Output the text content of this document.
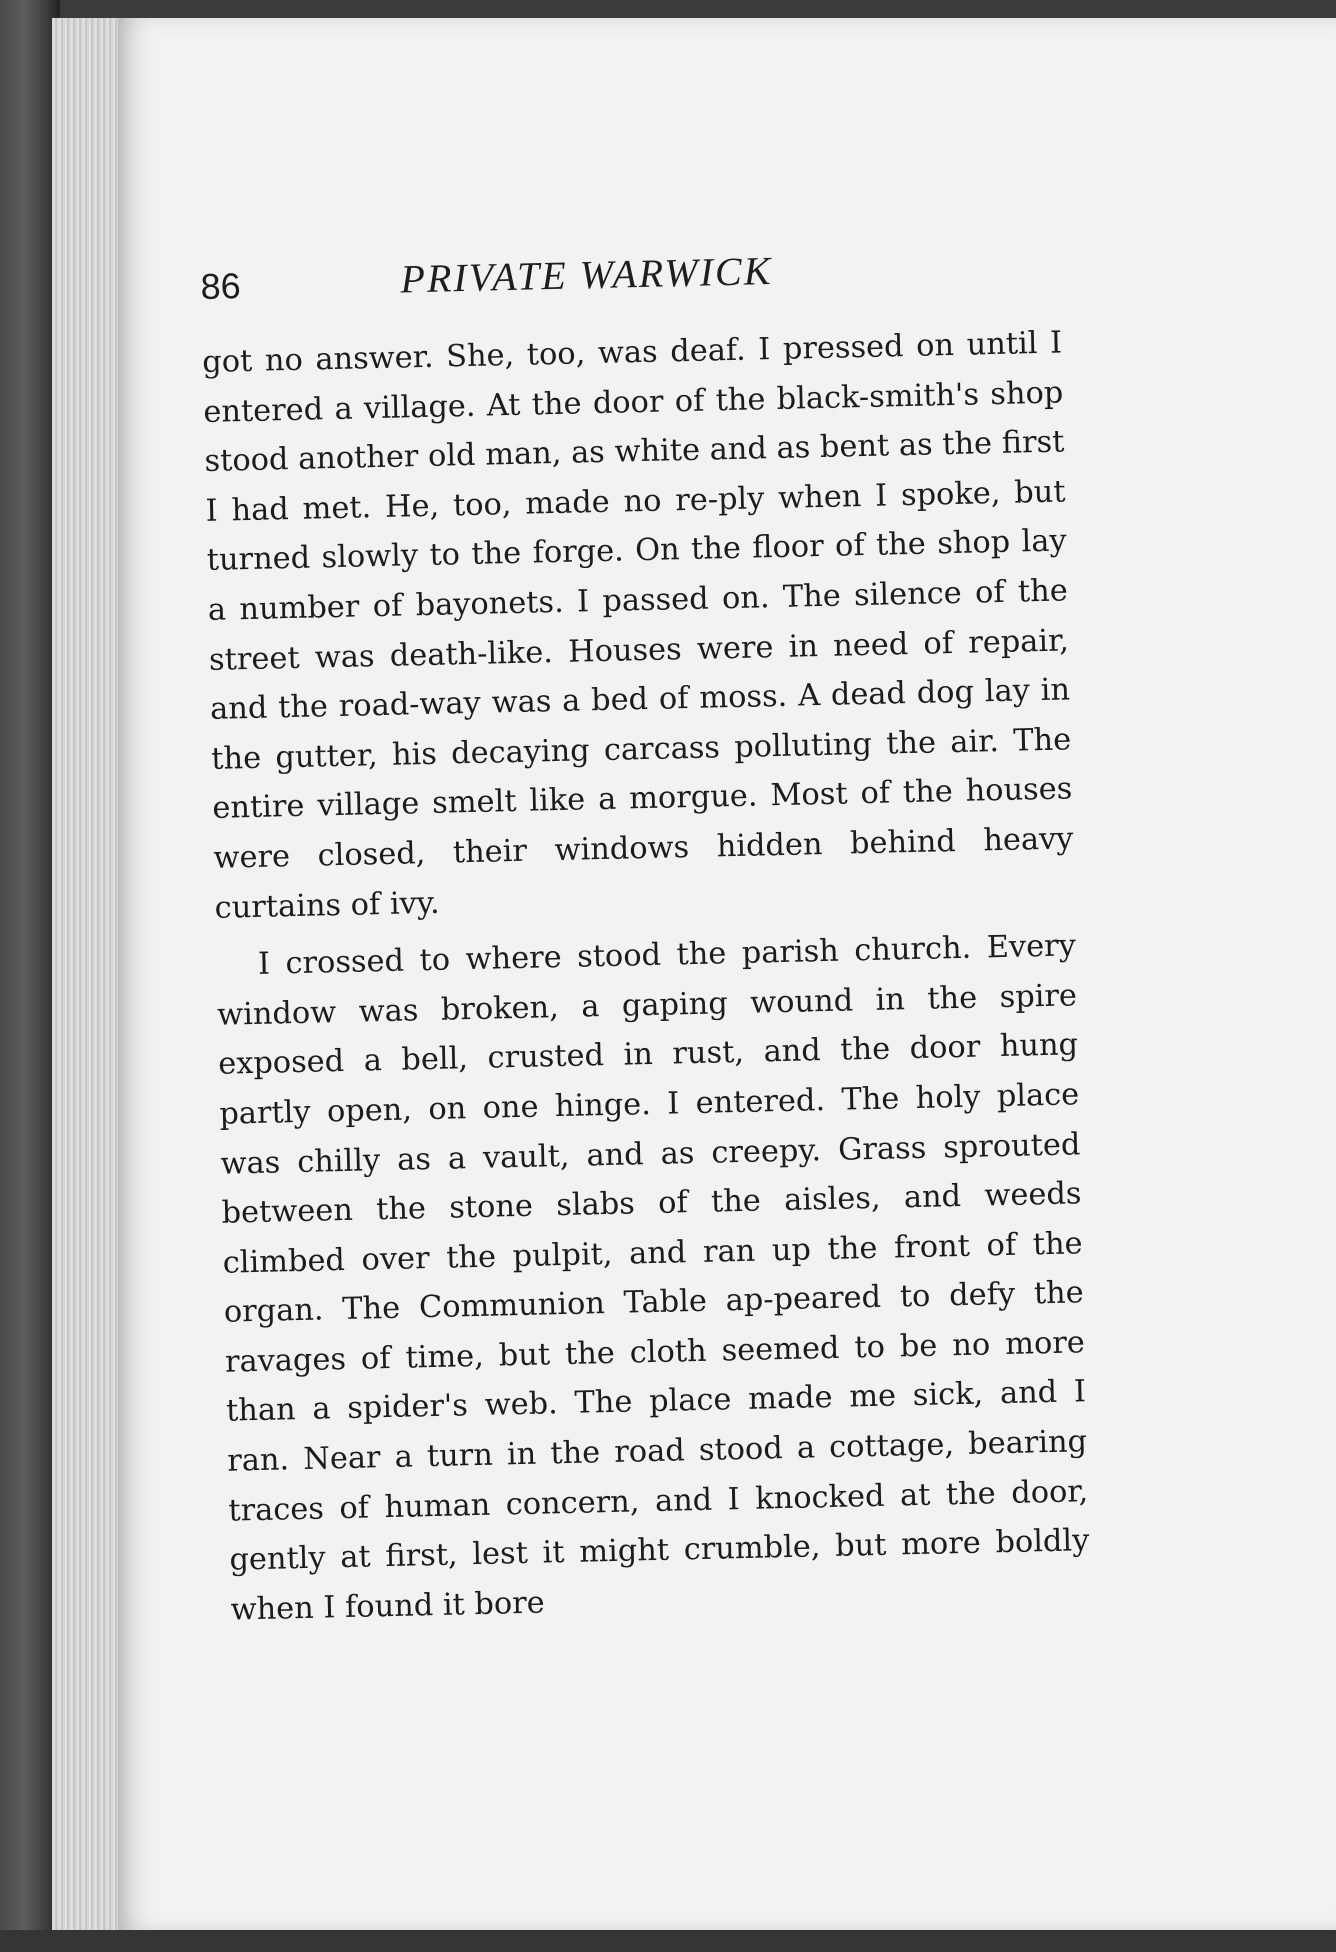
86	PRIVATE WARWICK

got no answer. She, too, was deaf. I pressed on until I entered a village. At the door of the black-smith's shop stood another old man, as white and as bent as the first I had met. He, too, made no re-ply when I spoke, but turned slowly to the forge. On the floor of the shop lay a number of bayonets. I passed on. The silence of the street was death-like. Houses were in need of repair, and the road-way was a bed of moss. A dead dog lay in the gutter, his decaying carcass polluting the air. The entire village smelt like a morgue. Most of the houses were closed, their windows hidden behind heavy curtains of ivy.

I crossed to where stood the parish church. Every window was broken, a gaping wound in the spire exposed a bell, crusted in rust, and the door hung partly open, on one hinge. I entered. The holy place was chilly as a vault, and as creepy. Grass sprouted between the stone slabs of the aisles, and weeds climbed over the pulpit, and ran up the front of the organ. The Communion Table ap-peared to defy the ravages of time, but the cloth seemed to be no more than a spider's web. The place made me sick, and I ran. Near a turn in the road stood a cottage, bearing traces of human concern, and I knocked at the door, gently at first, lest it might crumble, but more boldly when I found it bore
